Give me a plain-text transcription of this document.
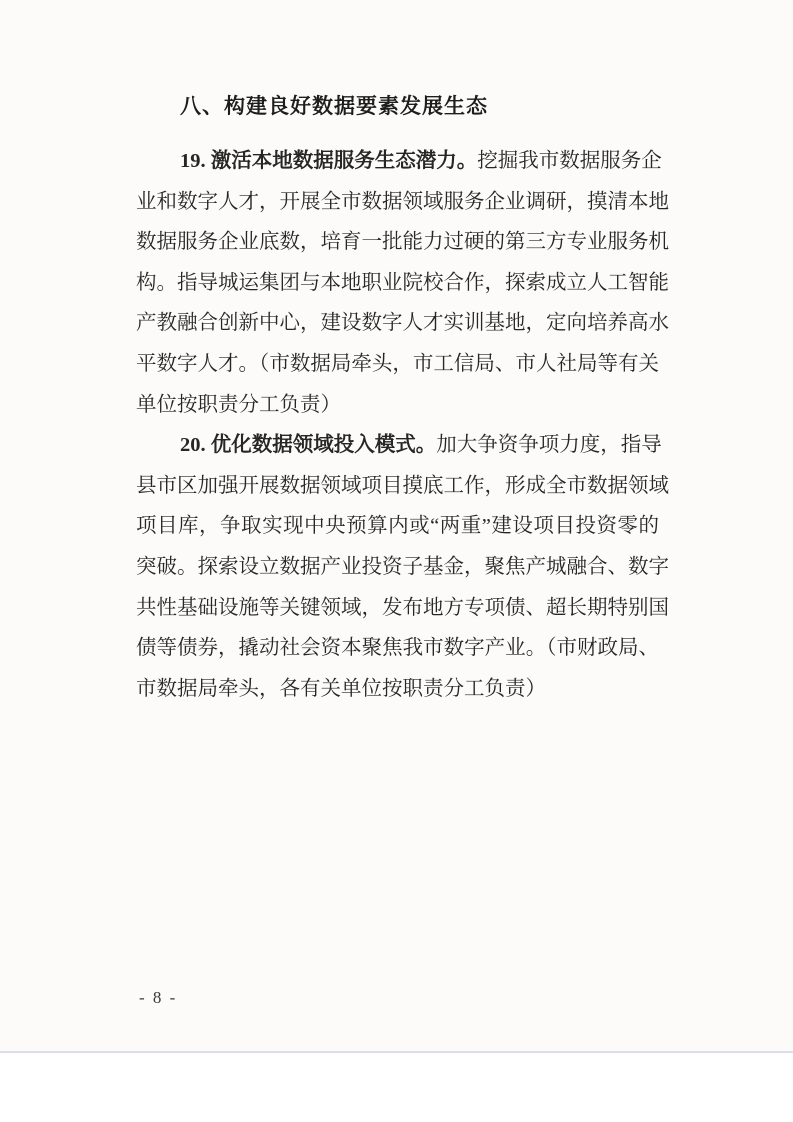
八、构建良好数据要素发展生态
19. 激活本地数据服务生态潜力。挖掘我市数据服务企
业和数字人才，开展全市数据领域服务企业调研，摸清本地
数据服务企业底数，培育一批能力过硬的第三方专业服务机
构。指导城运集团与本地职业院校合作，探索成立人工智能
产教融合创新中心，建设数字人才实训基地，定向培养高水
平数字人才。（市数据局牵头，市工信局、市人社局等有关
单位按职责分工负责）
20. 优化数据领域投入模式。加大争资争项力度，指导
县市区加强开展数据领域项目摸底工作，形成全市数据领域
项目库，争取实现中央预算内或“两重”建设项目投资零的
突破。探索设立数据产业投资子基金，聚焦产城融合、数字
共性基础设施等关键领域，发布地方专项债、超长期特别国
债等债券，撬动社会资本聚焦我市数字产业。（市财政局、
市数据局牵头，各有关单位按职责分工负责）
- 8 -
